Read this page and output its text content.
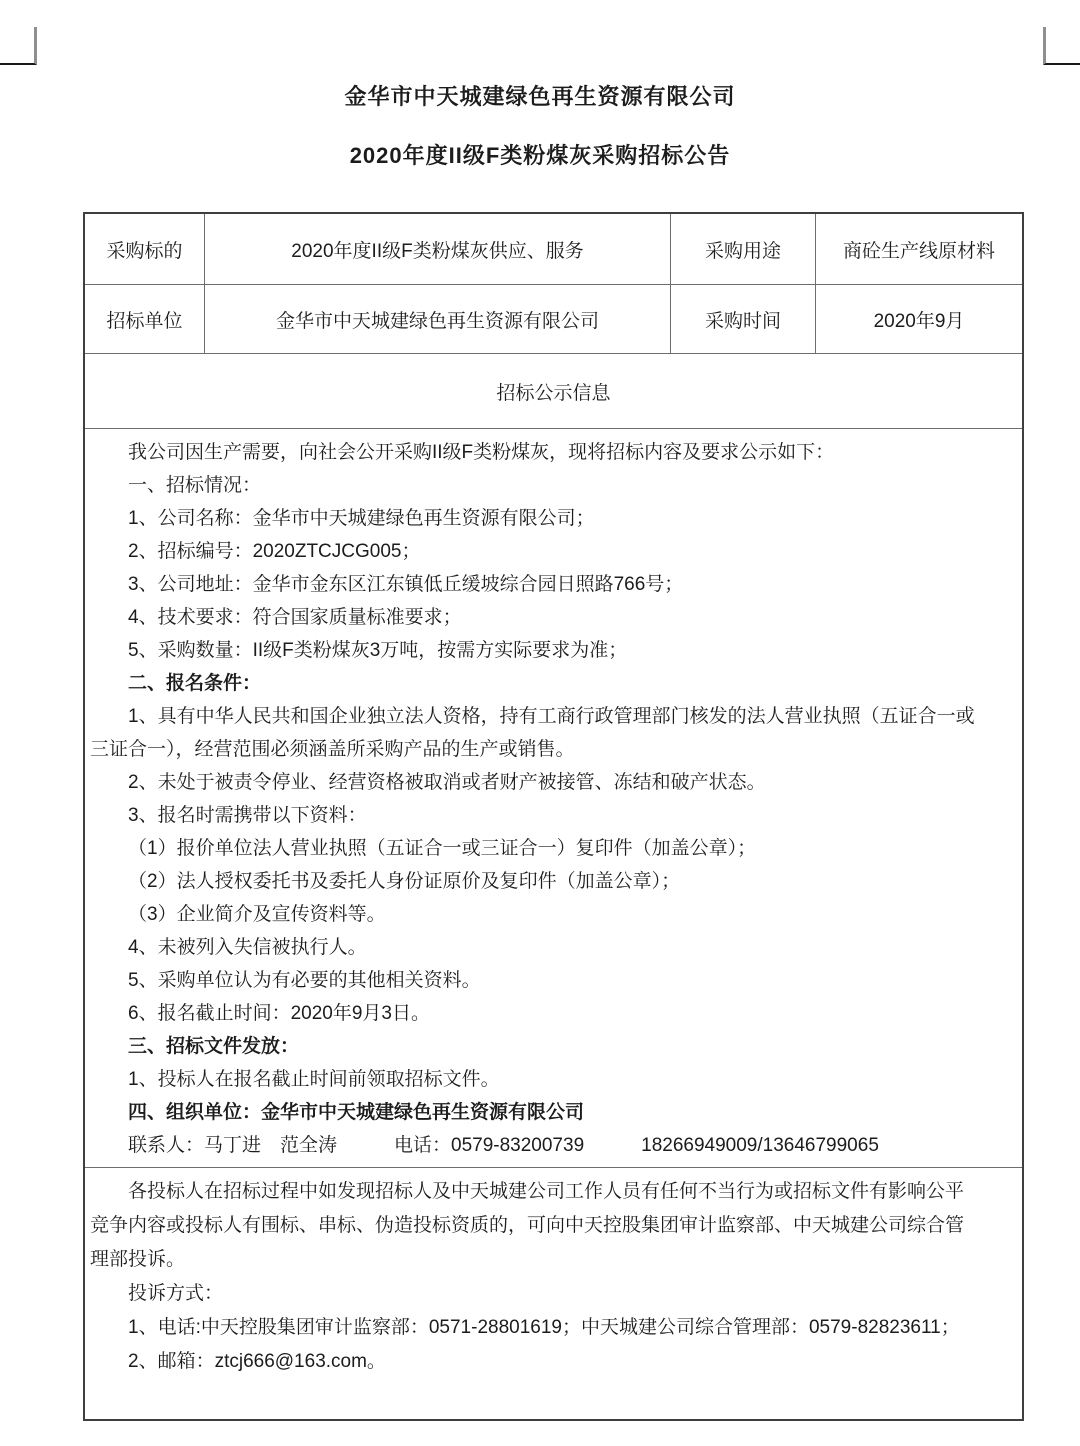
金华市中天城建绿色再生资源有限公司
2020年度II级F类粉煤灰采购招标公告
采购标的	2020年度II级F类粉煤灰供应、服务	采购用途	商砼生产线原材料
招标单位	金华市中天城建绿色再生资源有限公司	采购时间	2020年9月
招标公示信息
我公司因生产需要，向社会公开采购II级F类粉煤灰，现将招标内容及要求公示如下：
一、招标情况：
1、公司名称：金华市中天城建绿色再生资源有限公司；
2、招标编号：2020ZTCJCG005；
3、公司地址：金华市金东区江东镇低丘缓坡综合园日照路766号；
4、技术要求：符合国家质量标准要求；
5、采购数量：II级F类粉煤灰3万吨，按需方实际要求为准；
二、报名条件：
1、具有中华人民共和国企业独立法人资格，持有工商行政管理部门核发的法人营业执照（五证合一或
三证合一），经营范围必须涵盖所采购产品的生产或销售。
2、未处于被责令停业、经营资格被取消或者财产被接管、冻结和破产状态。
3、报名时需携带以下资料：
（1）报价单位法人营业执照（五证合一或三证合一）复印件（加盖公章）；
（2）法人授权委托书及委托人身份证原价及复印件（加盖公章）；
（3）企业简介及宣传资料等。
4、未被列入失信被执行人。
5、采购单位认为有必要的其他相关资料。
6、报名截止时间：2020年9月3日。
三、招标文件发放：
1、投标人在报名截止时间前领取招标文件。
四、组织单位：金华市中天城建绿色再生资源有限公司
联系人：马丁进　范全涛　　　电话：0579-83200739　　　18266949009/13646799065
各投标人在招标过程中如发现招标人及中天城建公司工作人员有任何不当行为或招标文件有影响公平
竞争内容或投标人有围标、串标、伪造投标资质的，可向中天控股集团审计监察部、中天城建公司综合管
理部投诉。
投诉方式：
1、电话:中天控股集团审计监察部：0571-28801619；中天城建公司综合管理部：0579-82823611；
2、邮箱：ztcj666@163.com。
